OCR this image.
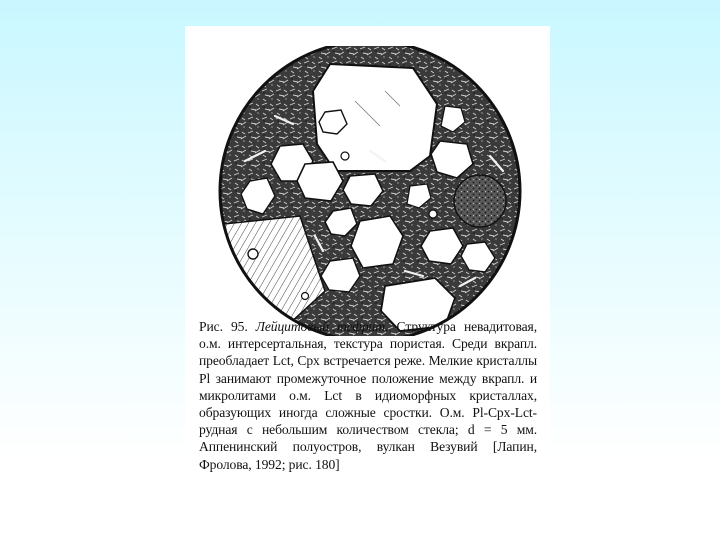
Рис. 95. Лейцитовый тефрит. Структура невадитовая, о.м. интерсертальная, текстура пористая. Среди вкрапл. преобладает Lct, Cpx встречается реже. Мелкие кристаллы Pl занимают промежуточное положение между вкрапл. и микролитами о.м. Lct в идиоморфных кристаллах, образующих иногда сложные сростки. О.м. Pl-Cpx-Lct-рудная с небольшим количеством стекла; d = 5 мм. Аппенинский полуостров, вулкан Везувий [Лапин, Фролова, 1992; рис. 180]
